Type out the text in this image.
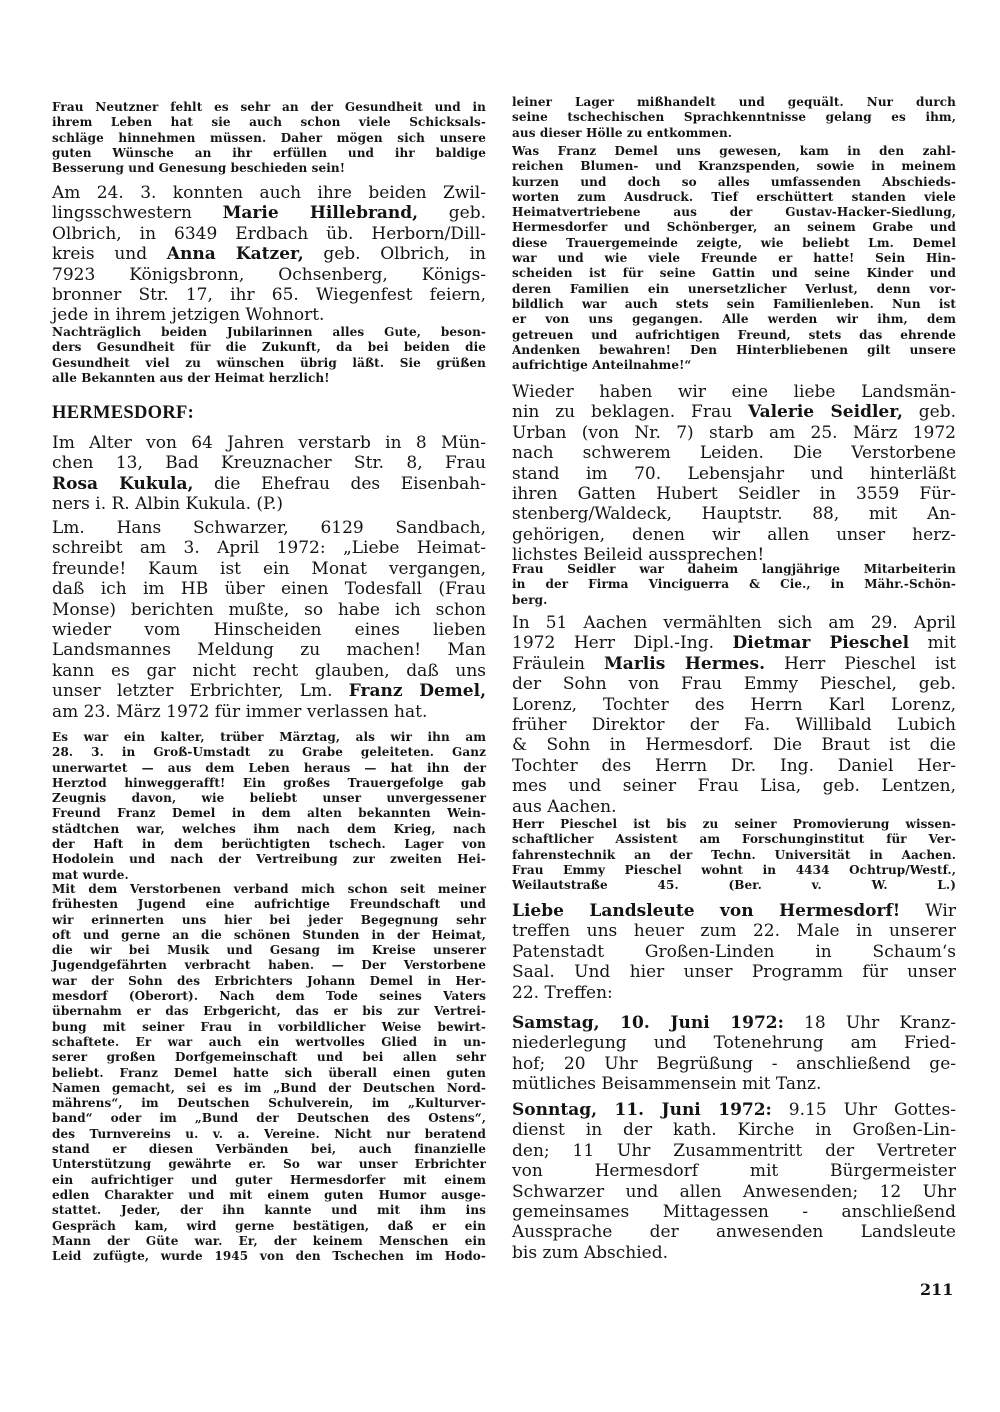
Frau Neutzner fehlt es sehr an der Gesundheit und in
ihrem Leben hat sie auch schon viele Schicksals-
schläge hinnehmen müssen. Daher mögen sich unsere
guten Wünsche an ihr erfüllen und ihr baldige
Besserung und Genesung beschieden sein!
Am 24. 3. konnten auch ihre beiden Zwil-
lingsschwestern Marie Hillebrand, geb.
Olbrich, in 6349 Erdbach üb. Herborn/Dill-
kreis und Anna Katzer, geb. Olbrich, in
7923 Königsbronn, Ochsenberg, Königs-
bronner Str. 17, ihr 65. Wiegenfest feiern,
jede in ihrem jetzigen Wohnort.
Nachträglich beiden Jubilarinnen alles Gute, beson-
ders Gesundheit für die Zukunft, da bei beiden die
Gesundheit viel zu wünschen übrig läßt. Sie grüßen
alle Bekannten aus der Heimat herzlich!
HERMESDORF:
Im Alter von 64 Jahren verstarb in 8 Mün-
chen 13, Bad Kreuznacher Str. 8, Frau
Rosa Kukula, die Ehefrau des Eisenbah-
ners i. R. Albin Kukula. (P.)
Lm. Hans Schwarzer, 6129 Sandbach,
schreibt am 3. April 1972: „Liebe Heimat-
freunde! Kaum ist ein Monat vergangen,
daß ich im HB über einen Todesfall (Frau
Monse) berichten mußte, so habe ich schon
wieder vom Hinscheiden eines lieben
Landsmannes Meldung zu machen! Man
kann es gar nicht recht glauben, daß uns
unser letzter Erbrichter, Lm. Franz Demel,
am 23. März 1972 für immer verlassen hat.
Es war ein kalter, trüber Märztag, als wir ihn am
28. 3. in Groß-Umstadt zu Grabe geleiteten. Ganz
unerwartet — aus dem Leben heraus — hat ihn der
Herztod hinweggerafft! Ein großes Trauergefolge gab
Zeugnis davon, wie beliebt unser unvergessener
Freund Franz Demel in dem alten bekannten Wein-
städtchen war, welches ihm nach dem Krieg, nach
der Haft in dem berüchtigten tschech. Lager von
Hodolein und nach der Vertreibung zur zweiten Hei-
mat wurde.
Mit dem Verstorbenen verband mich schon seit meiner
frühesten Jugend eine aufrichtige Freundschaft und
wir erinnerten uns hier bei jeder Begegnung sehr
oft und gerne an die schönen Stunden in der Heimat,
die wir bei Musik und Gesang im Kreise unserer
Jugendgefährten verbracht haben. — Der Verstorbene
war der Sohn des Erbrichters Johann Demel in Her-
mesdorf (Oberort). Nach dem Tode seines Vaters
übernahm er das Erbgericht, das er bis zur Vertrei-
bung mit seiner Frau in vorbildlicher Weise bewirt-
schaftete. Er war auch ein wertvolles Glied in un-
serer großen Dorfgemeinschaft und bei allen sehr
beliebt. Franz Demel hatte sich überall einen guten
Namen gemacht, sei es im „Bund der Deutschen Nord-
mährens“, im Deutschen Schulverein, im „Kulturver-
band“ oder im „Bund der Deutschen des Ostens“,
des Turnvereins u. v. a. Vereine. Nicht nur beratend
stand er diesen Verbänden bei, auch finanzielle
Unterstützung gewährte er. So war unser Erbrichter
ein aufrichtiger und guter Hermesdorfer mit einem
edlen Charakter und mit einem guten Humor ausge-
stattet. Jeder, der ihn kannte und mit ihm ins
Gespräch kam, wird gerne bestätigen, daß er ein
Mann der Güte war. Er, der keinem Menschen ein
Leid zufügte, wurde 1945 von den Tschechen im Hodo-
leiner Lager mißhandelt und gequält. Nur durch
seine tschechischen Sprachkenntnisse gelang es ihm,
aus dieser Hölle zu entkommen.
Was Franz Demel uns gewesen, kam in den zahl-
reichen Blumen- und Kranzspenden, sowie in meinem
kurzen und doch so alles umfassenden Abschieds-
worten zum Ausdruck. Tief erschüttert standen viele
Heimatvertriebene aus der Gustav-Hacker-Siedlung,
Hermesdorfer und Schönberger, an seinem Grabe und
diese Trauergemeinde zeigte, wie beliebt Lm. Demel
war und wie viele Freunde er hatte! Sein Hin-
scheiden ist für seine Gattin und seine Kinder und
deren Familien ein unersetzlicher Verlust, denn vor-
bildlich war auch stets sein Familienleben. Nun ist
er von uns gegangen. Alle werden wir ihm, dem
getreuen und aufrichtigen Freund, stets das ehrende
Andenken bewahren! Den Hinterbliebenen gilt unsere
aufrichtige Anteilnahme!“
Wieder haben wir eine liebe Landsmän-
nin zu beklagen. Frau Valerie Seidler, geb.
Urban (von Nr. 7) starb am 25. März 1972
nach schwerem Leiden. Die Verstorbene
stand im 70. Lebensjahr und hinterläßt
ihren Gatten Hubert Seidler in 3559 Für-
stenberg/Waldeck, Hauptstr. 88, mit An-
gehörigen, denen wir allen unser herz-
lichstes Beileid aussprechen!
Frau Seidler war daheim langjährige Mitarbeiterin
in der Firma Vinciguerra & Cie., in Mähr.-Schön-
berg.
In 51 Aachen vermählten sich am 29. April
1972 Herr Dipl.-Ing. Dietmar Pieschel mit
Fräulein Marlis Hermes. Herr Pieschel ist
der Sohn von Frau Emmy Pieschel, geb.
Lorenz, Tochter des Herrn Karl Lorenz,
früher Direktor der Fa. Willibald Lubich
& Sohn in Hermesdorf. Die Braut ist die
Tochter des Herrn Dr. Ing. Daniel Her-
mes und seiner Frau Lisa, geb. Lentzen,
aus Aachen.
Herr Pieschel ist bis zu seiner Promovierung wissen-
schaftlicher Assistent am Forschunginstitut für Ver-
fahrenstechnik an der Techn. Universität in Aachen.
Frau Emmy Pieschel wohnt in 4434 Ochtrup/Westf.,
Weilautstraße 45. (Ber. v. W. L.)
Liebe Landsleute von Hermesdorf! Wir
treffen uns heuer zum 22. Male in unserer
Patenstadt Großen-Linden in Schaum‘s
Saal. Und hier unser Programm für unser
22. Treffen:
Samstag, 10. Juni 1972: 18 Uhr Kranz-
niederlegung und Totenehrung am Fried-
hof; 20 Uhr Begrüßung - anschließend ge-
mütliches Beisammensein mit Tanz.
Sonntag, 11. Juni 1972: 9.15 Uhr Gottes-
dienst in der kath. Kirche in Großen-Lin-
den; 11 Uhr Zusammentritt der Vertreter
von Hermesdorf mit Bürgermeister
Schwarzer und allen Anwesenden; 12 Uhr
gemeinsames Mittagessen - anschließend
Aussprache der anwesenden Landsleute
bis zum Abschied.
211
